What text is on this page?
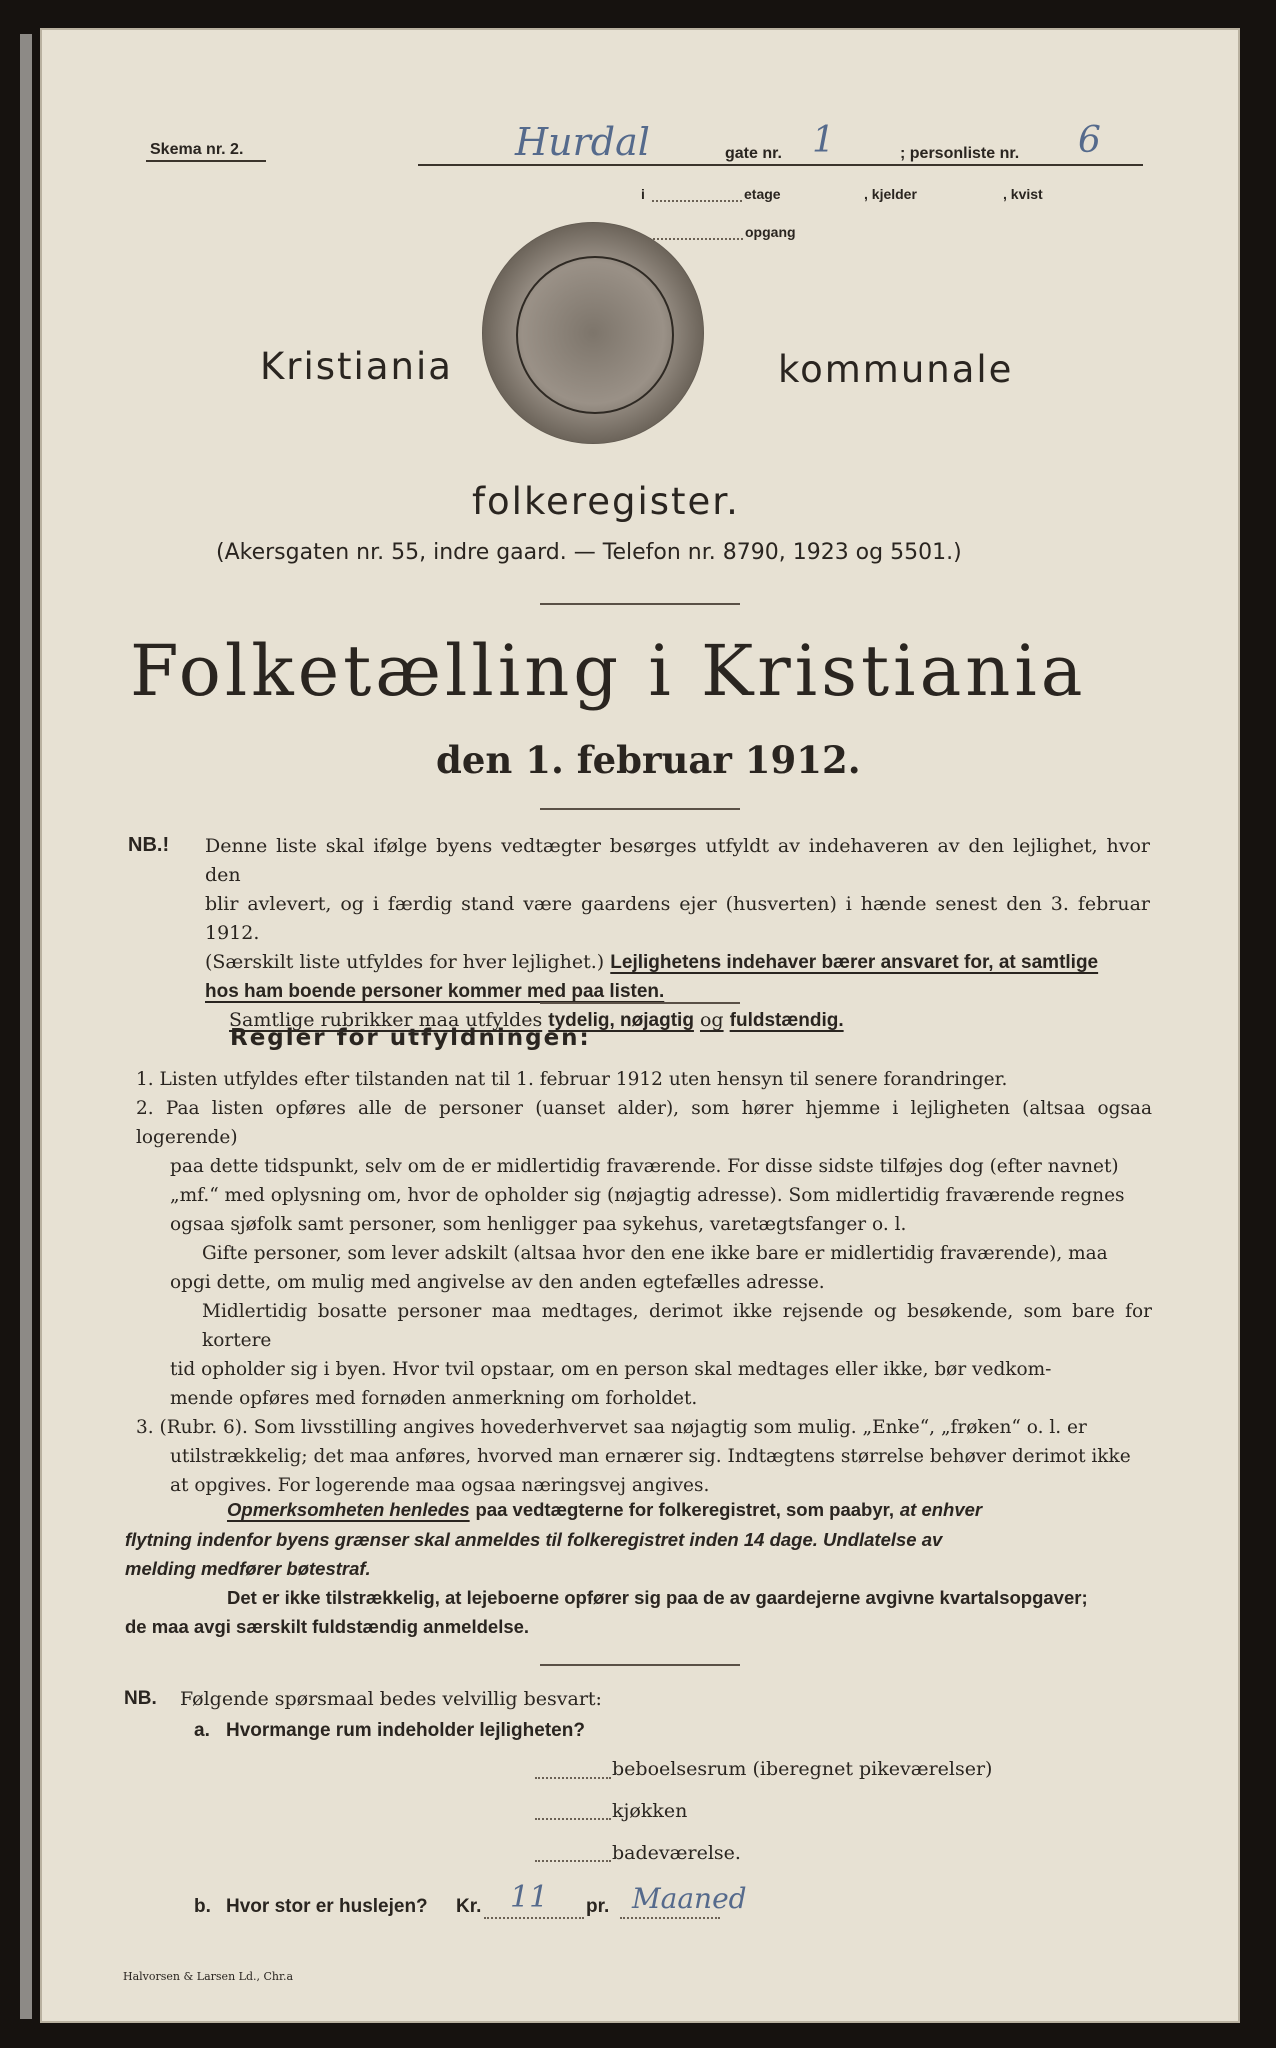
Skema nr. 2.	Hurdal	gate nr. 1	; personliste nr. 6
i	etage	, kjelder	, kvist
opgang
Kristiania	kommunale
folkeregister.
(Akersgaten nr. 55, indre gaard. — Telefon nr. 8790, 1923 og 5501.)
Folketælling i Kristiania
den 1. februar 1912.
NB.! Denne liste skal ifølge byens vedtægter besørges utfyldt av indehaveren av den lejlighet, hvor den
blir avlevert, og i færdig stand være gaardens ejer (husverten) i hænde senest den 3. februar 1912.
(Særskilt liste utfyldes for hver lejlighet.) Lejlighetens indehaver bærer ansvaret for, at samtlige
hos ham boende personer kommer med paa listen.
Samtlige rubrikker maa utfyldes tydelig, nøjagtig og fuldstændig.
Regler for utfyldningen:
1. Listen utfyldes efter tilstanden nat til 1. februar 1912 uten hensyn til senere forandringer.
2. Paa listen opføres alle de personer (uanset alder), som hører hjemme i lejligheten (altsaa ogsaa logerende)
paa dette tidspunkt, selv om de er midlertidig fraværende. For disse sidste tilføjes dog (efter navnet)
„mf.“ med oplysning om, hvor de opholder sig (nøjagtig adresse). Som midlertidig fraværende regnes
ogsaa sjøfolk samt personer, som henligger paa sykehus, varetægtsfanger o. l.
Gifte personer, som lever adskilt (altsaa hvor den ene ikke bare er midlertidig fraværende), maa
opgi dette, om mulig med angivelse av den anden egtefælles adresse.
Midlertidig bosatte personer maa medtages, derimot ikke rejsende og besøkende, som bare for kortere
tid opholder sig i byen. Hvor tvil opstaar, om en person skal medtages eller ikke, bør vedkom-
mende opføres med fornøden anmerkning om forholdet.
3. (Rubr. 6). Som livsstilling angives hovederhvervet saa nøjagtig som mulig. „Enke“, „frøken“ o. l. er
utilstrækkelig; det maa anføres, hvorved man ernærer sig. Indtægtens størrelse behøver derimot ikke
at opgives. For logerende maa ogsaa næringsvej angives.
Opmerksomheten henledes paa vedtægterne for folkeregistret, som paabyr, at enhver
flytning indenfor byens grænser skal anmeldes til folkeregistret inden 14 dage. Undlatelse av
melding medfører bøtestraf.
Det er ikke tilstrækkelig, at lejeboerne opfører sig paa de av gaardejerne avgivne kvartalsopgaver;
de maa avgi særskilt fuldstændig anmeldelse.
NB. Følgende spørsmaal bedes velvillig besvart:
a. Hvormange rum indeholder lejligheten?
beboelsesrum (iberegnet pikeværelser)
kjøkken
badeværelse.
b. Hvor stor er huslejen? Kr. 11 pr. Maaned
Halvorsen & Larsen Ld., Chr.a
